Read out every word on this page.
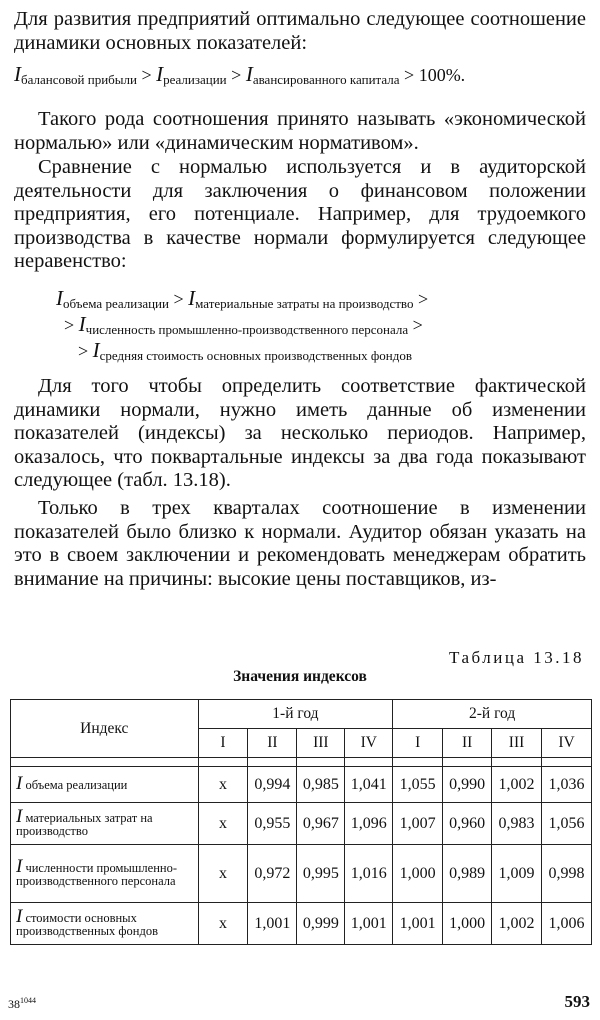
Для развития предприятий оптимально следующее соотношение динамики основных показателей:

$I_{балансовой прибыли} > I_{реализации} > I_{авансированного капитала} > 100\%$.

Такого рода соотношения принято называть «экономической нормалью» или «динамическим нормативом».

Сравнение с нормалью используется и в аудиторской деятельности для заключения о финансовом положении предприятия, его потенциале. Например, для трудоемкого производства в качестве нормали формулируется следующее неравенство:

$I_{объема реализации} > I_{материальные затраты на производство}$ >
> $I_{численность промышленно-производственного персонала}$ >
> $I_{средняя стоимость основных производственных фондов}$

Для того чтобы определить соответствие фактической динамики нормали, нужно иметь данные об изменении показателей (индексы) за несколько периодов. Например, оказалось, что поквартальные индексы за два года показывают следующее (табл. 13.18).

Только в трех кварталах соотношение в изменении показателей было близко к нормали. Аудитор обязан указать на это в своем заключении и рекомендовать менеджерам обратить внимание на причины: высокие цены поставщиков, из-

Таблица 13.18
Значения индексов
Индекс	1-й год				2-й год			
	I	II	III	IV	I	II	III	IV

I объема реализации	x	0,994	0,985	1,041	1,055	0,990	1,002	1,036
I материальных затрат на производство	x	0,955	0,967	1,096	1,007	0,960	0,983	1,056
I численности промышленно-производственного персонала	x	0,972	0,995	1,016	1,000	0,989	1,009	0,998
I стоимости основных производственных фондов	x	1,001	0,999	1,001	1,001	1,000	1,002	1,006
$38^{1044}$	593
